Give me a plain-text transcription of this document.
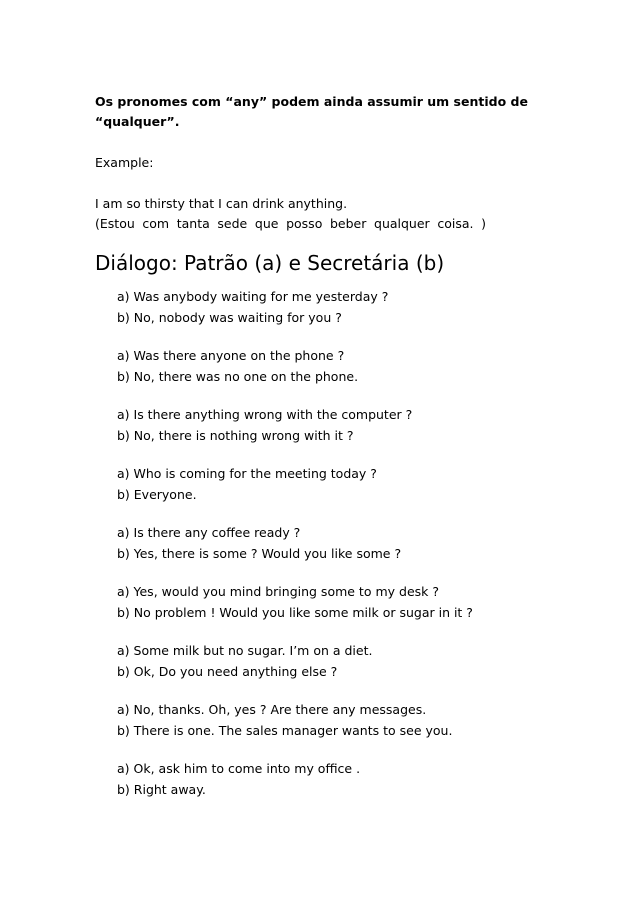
Os pronomes com “any” podem ainda assumir um sentido de “qualquer”.

Example:

I am so thirsty that I can drink anything.

(Estou com tanta sede que posso beber qualquer coisa. )

Diálogo: Patrão (a) e Secretária (b)

a) Was anybody waiting for me yesterday ?

b) No, nobody was waiting for you ?

a) Was there anyone on the phone ?

b) No, there was no one on the phone.

a) Is there anything wrong with the computer ?

b) No, there is nothing wrong with it ?

a) Who is coming for the meeting today ?

b) Everyone.

a) Is there any coffee ready ?

b) Yes, there is some ? Would you like some ?

a) Yes, would you mind bringing some to my desk ?

b) No problem ! Would you like some milk or sugar in it ?

a) Some milk but no sugar. I’m on a diet.

b) Ok, Do you need anything else ?

a) No, thanks. Oh, yes ? Are there any messages.

b) There is one. The sales manager wants to see you.

a) Ok, ask him to come into my office .

b) Right away.
